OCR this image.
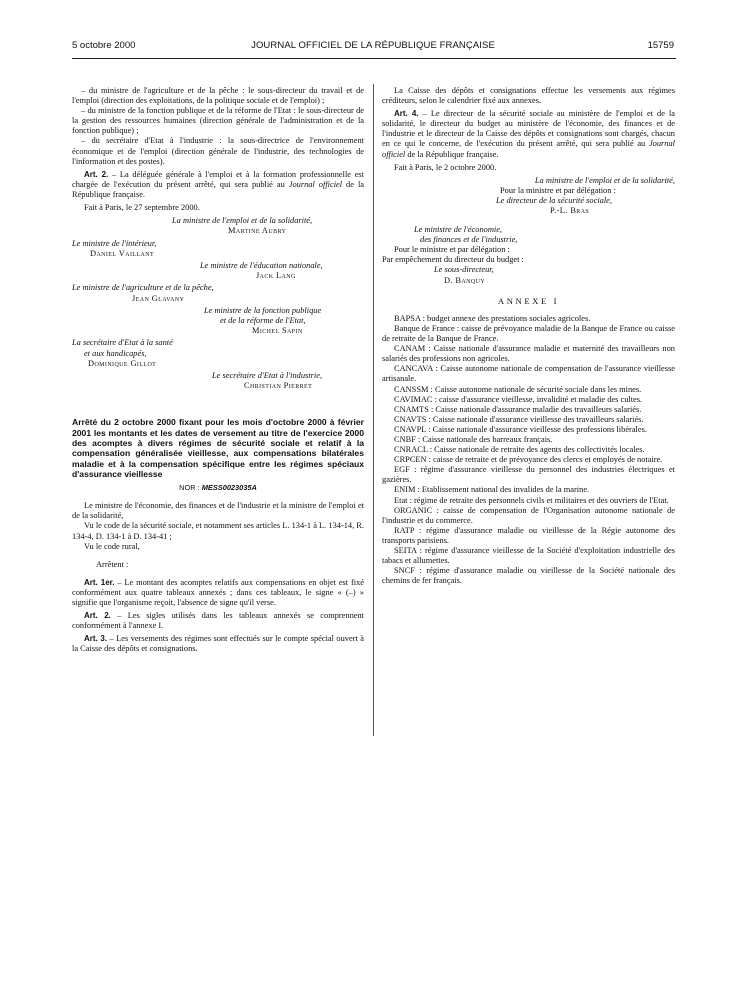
5 octobre 2000	JOURNAL OFFICIEL DE LA RÉPUBLIQUE FRANÇAISE	15759

– du ministre de l'agriculture et de la pêche : le sous-directeur du travail et de l'emploi (direction des exploitations, de la politique sociale et de l'emploi) ;

– du ministre de la fonction publique et de la réforme de l'Etat : le sous-directeur de la gestion des ressources humaines (direction générale de l'administration et de la fonction publique) ;

– du secrétaire d'Etat à l'industrie : la sous-directrice de l'environnement économique et de l'emploi (direction générale de l'industrie, des technologies de l'information et des postes).

Art. 2. – La déléguée générale à l'emploi et à la formation professionnelle est chargée de l'exécution du présent arrêté, qui sera publié au Journal officiel de la République française.

Fait à Paris, le 27 septembre 2000.

La ministre de l'emploi et de la solidarité,
Martine Aubry
Le ministre de l'intérieur,
Daniel Vaillant
Le ministre de l'éducation nationale,
Jack Lang
Le ministre de l'agriculture et de la pêche,
Jean Glavany
Le ministre de la fonction publique
et de la réforme de l'Etat,
Michel Sapin
La secrétaire d'Etat à la santé
et aux handicapés,
Dominique Gillot
Le secrétaire d'Etat à l'industrie,
Christian Pierret

Arrêté du 2 octobre 2000 fixant pour les mois d'octobre 2000 à février 2001 les montants et les dates de versement au titre de l'exercice 2000 des acomptes à divers régimes de sécurité sociale et relatif à la compensation généralisée vieillesse, aux compensations bilatérales maladie et à la compensation spécifique entre les régimes spéciaux d'assurance vieillesse

NOR : MESS0023035A

Le ministre de l'économie, des finances et de l'industrie et la ministre de l'emploi et de la solidarité,

Vu le code de la sécurité sociale, et notamment ses articles L. 134-1 à L. 134-14, R. 134-4, D. 134-1 à D. 134-41 ;

Vu le code rural,

Arrêtent :

Art. 1er. – Le montant des acomptes relatifs aux compensations en objet est fixé conformément aux quatre tableaux annexés ; dans ces tableaux, le signe « (–) » signifie que l'organisme reçoit, l'absence de signe qu'il verse.

Art. 2. – Les sigles utilisés dans les tableaux annexés se comprennent conformément à l'annexe I.

Art. 3. – Les versements des régimes sont effectués sur le compte spécial ouvert à la Caisse des dépôts et consignations.

La Caisse des dépôts et consignations effectue les versements aux régimes créditeurs, selon le calendrier fixé aux annexes.

Art. 4. – Le directeur de la sécurité sociale au ministère de l'emploi et de la solidarité, le directeur du budget au ministère de l'économie, des finances et de l'industrie et le directeur de la Caisse des dépôts et consignations sont chargés, chacun en ce qui le concerne, de l'exécution du présent arrêté, qui sera publié au Journal officiel de la République française.

Fait à Paris, le 2 octobre 2000.

La ministre de l'emploi et de la solidarité,
Pour la ministre et par délégation :
Le directeur de la sécurité sociale,
P.-L. Bras
Le ministre de l'économie,
des finances et de l'industrie,
Pour le ministre et par délégation :
Par empêchement du directeur du budget :
Le sous-directeur,
D. Banquy
ANNEXE I

BAPSA : budget annexe des prestations sociales agricoles.

Banque de France : caisse de prévoyance maladie de la Banque de France ou caisse de retraite de la Banque de France.

CANAM : Caisse nationale d'assurance maladie et maternité des travailleurs non salariés des professions non agricoles.

CANCAVA : Caisse autonome nationale de compensation de l'assurance vieillesse artisanale.

CANSSM : Caisse autonome nationale de sécurité sociale dans les mines.

CAVIMAC : caisse d'assurance vieillesse, invalidité et maladie des cultes.

CNAMTS : Caisse nationale d'assurance maladie des travailleurs salariés.

CNAVTS : Caisse nationale d'assurance vieillesse des travailleurs salariés.

CNAVPL : Caisse nationale d'assurance vieillesse des professions libérales.

CNBF : Caisse nationale des barreaux français.

CNRACL : Caisse nationale de retraite des agents des collectivités locales.

CRPCEN : caisse de retraite et de prévoyance des clercs et employés de notaire.

EGF : régime d'assurance vieillesse du personnel des industries électriques et gazières.

ENIM : Etablissement national des invalides de la marine.

Etat : régime de retraite des personnels civils et militaires et des ouvriers de l'Etat.

ORGANIC : caisse de compensation de l'Organisation autonome nationale de l'industrie et du commerce.

RATP : régime d'assurance maladie ou vieillesse de la Régie autonome des transports parisiens.

SEITA : régime d'assurance vieillesse de la Société d'exploitation industrielle des tabacs et allumettes.

SNCF : régime d'assurance maladie ou vieillesse de la Société nationale des chemins de fer français.
